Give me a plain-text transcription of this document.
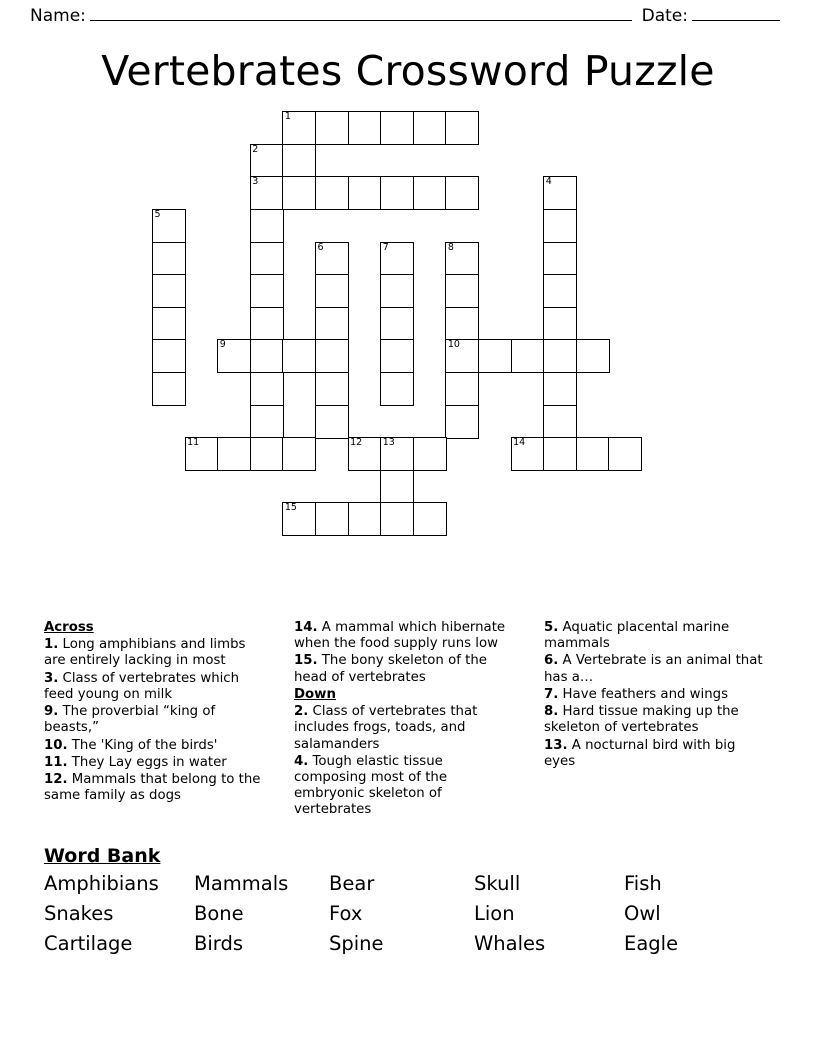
Name:	Date:
Vertebrates Crossword Puzzle
1
2
3	4
5
6	7	8
9	10
11	12 13	14
15
Across

1. Long amphibians and limbs are entirely lacking in most

3. Class of vertebrates which feed young on milk

9. The proverbial “king of beasts,”

10. The 'King of the birds'

11. They Lay eggs in water

12. Mammals that belong to the same family as dogs

14. A mammal which hibernate when the food supply runs low

15. The bony skeleton of the head of vertebrates

Down

2. Class of vertebrates that includes frogs, toads, and salamanders

4. Tough elastic tissue composing most of the embryonic skeleton of vertebrates

5. Aquatic placental marine mammals

6. A Vertebrate is an animal that has a…

7. Have feathers and wings

8. Hard tissue making up the skeleton of vertebrates

13. A nocturnal bird with big eyes

Word Bank
Amphibians	Mammals	Bear	Skull	Fish
Snakes	Bone	Fox	Lion	Owl
Cartilage	Birds	Spine	Whales	Eagle
